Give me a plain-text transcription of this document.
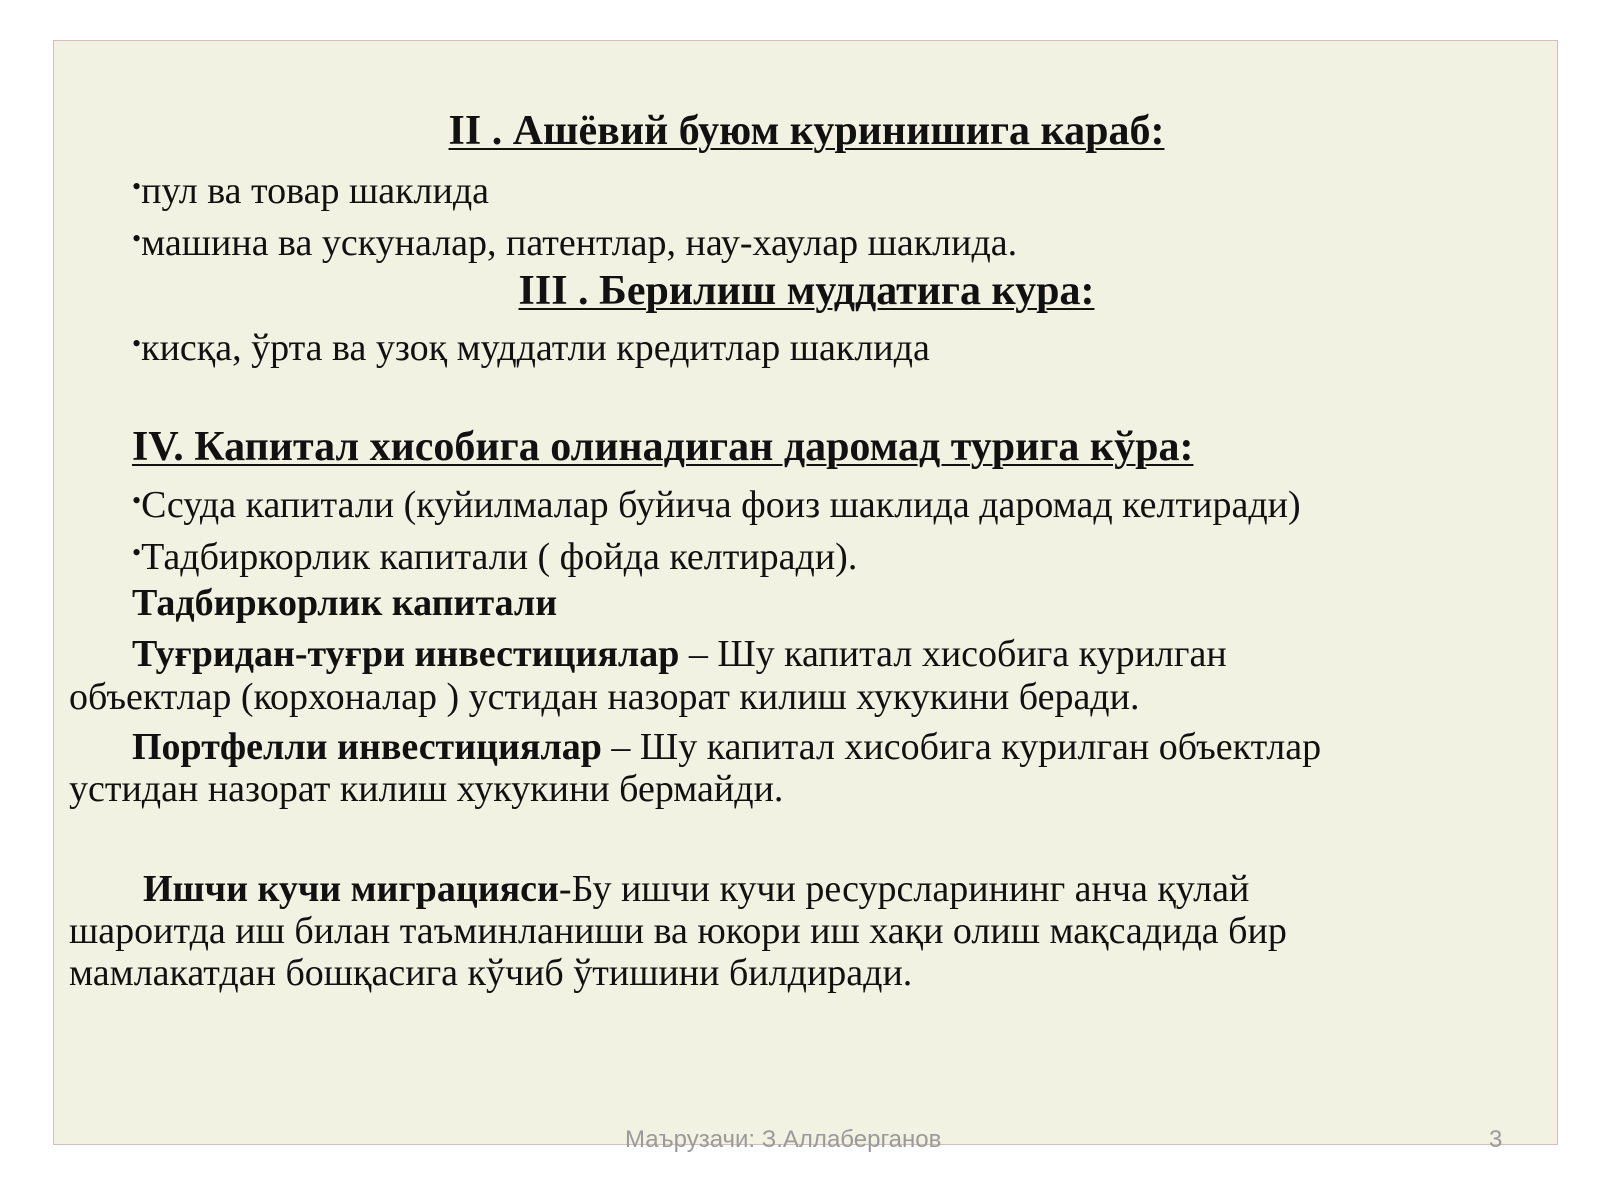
II . Ашёвий буюм куринишига караб:
•пул ва товар шаклида
•машина ва ускуналар, патентлар, нау-хаулар шаклида.
III . Берилиш муддатига кура:
•кисқа, ўрта ва узоқ муддатли кредитлар шаклида
IV. Капитал хисобига олинадиган даромад турига кўра:
•Ссуда капитали (куйилмалар буйича фоиз шаклида даромад келтиради)
•Тадбиркорлик капитали ( фойда келтиради).
Тадбиркорлик капитали
Туғридан-туғри инвестициялар – Шу капитал хисобига курилган
объектлар (корхоналар ) устидан назорат килиш хукукини беради.
Портфелли инвестициялар – Шу капитал хисобига курилган объектлар
устидан назорат килиш хукукини бермайди.
Ишчи кучи миграцияси-Бу ишчи кучи ресурсларининг анча қулай
шароитда иш билан таъминланиши ва юкори иш хақи олиш мақсадида бир
мамлакатдан бошқасига кўчиб ўтишини билдиради.
Маърузачи: З.Аллаберганов	3
